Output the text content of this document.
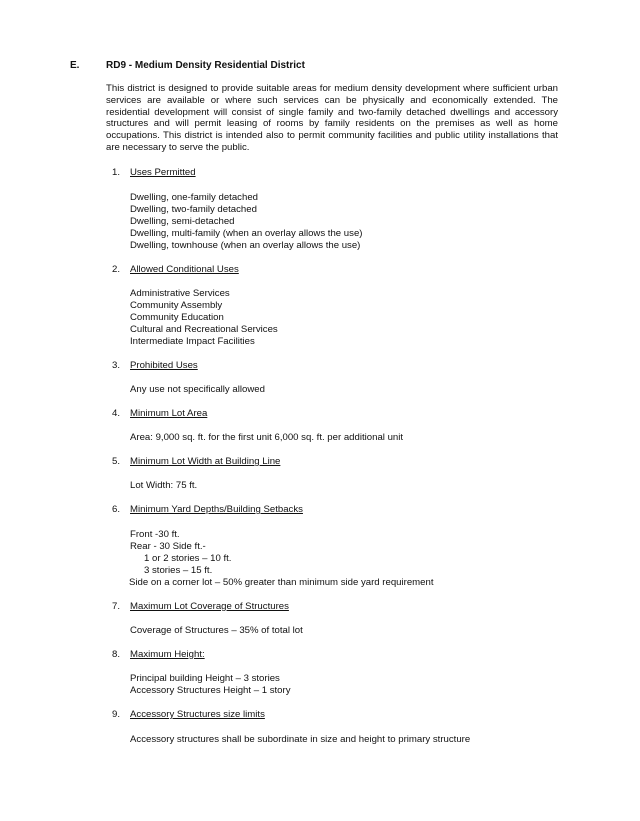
E.	RD9 - Medium Density Residential District
This district is designed to provide suitable areas for medium density development where sufficient urban services are available or where such services can be physically and economically extended. The residential development will consist of single family and two-family detached dwellings and accessory structures and will permit leasing of rooms by family residents on the premises as well as home occupations. This district is intended also to permit community facilities and public utility installations that are necessary to serve the public.
1. Uses Permitted
Dwelling, one-family detached
Dwelling, two-family detached
Dwelling, semi-detached
Dwelling, multi-family (when an overlay allows the use)
Dwelling, townhouse (when an overlay allows the use)
2. Allowed Conditional Uses
Administrative Services
Community Assembly
Community Education
Cultural and Recreational Services
Intermediate Impact Facilities
3. Prohibited Uses
Any use not specifically allowed
4. Minimum Lot Area
Area: 9,000 sq. ft. for the first unit 6,000 sq. ft. per additional unit
5. Minimum Lot Width at Building Line
Lot Width: 75 ft.
6. Minimum Yard Depths/Building Setbacks
Front -30 ft.
Rear - 30 Side ft.-
1 or 2 stories – 10 ft.
3 stories – 15 ft.
Side on a corner lot – 50% greater than minimum side yard requirement
7. Maximum Lot Coverage of Structures
Coverage of Structures – 35% of total lot
8. Maximum Height:
Principal building Height – 3 stories
Accessory Structures Height – 1 story
9. Accessory Structures size limits
Accessory structures shall be subordinate in size and height to primary structure
